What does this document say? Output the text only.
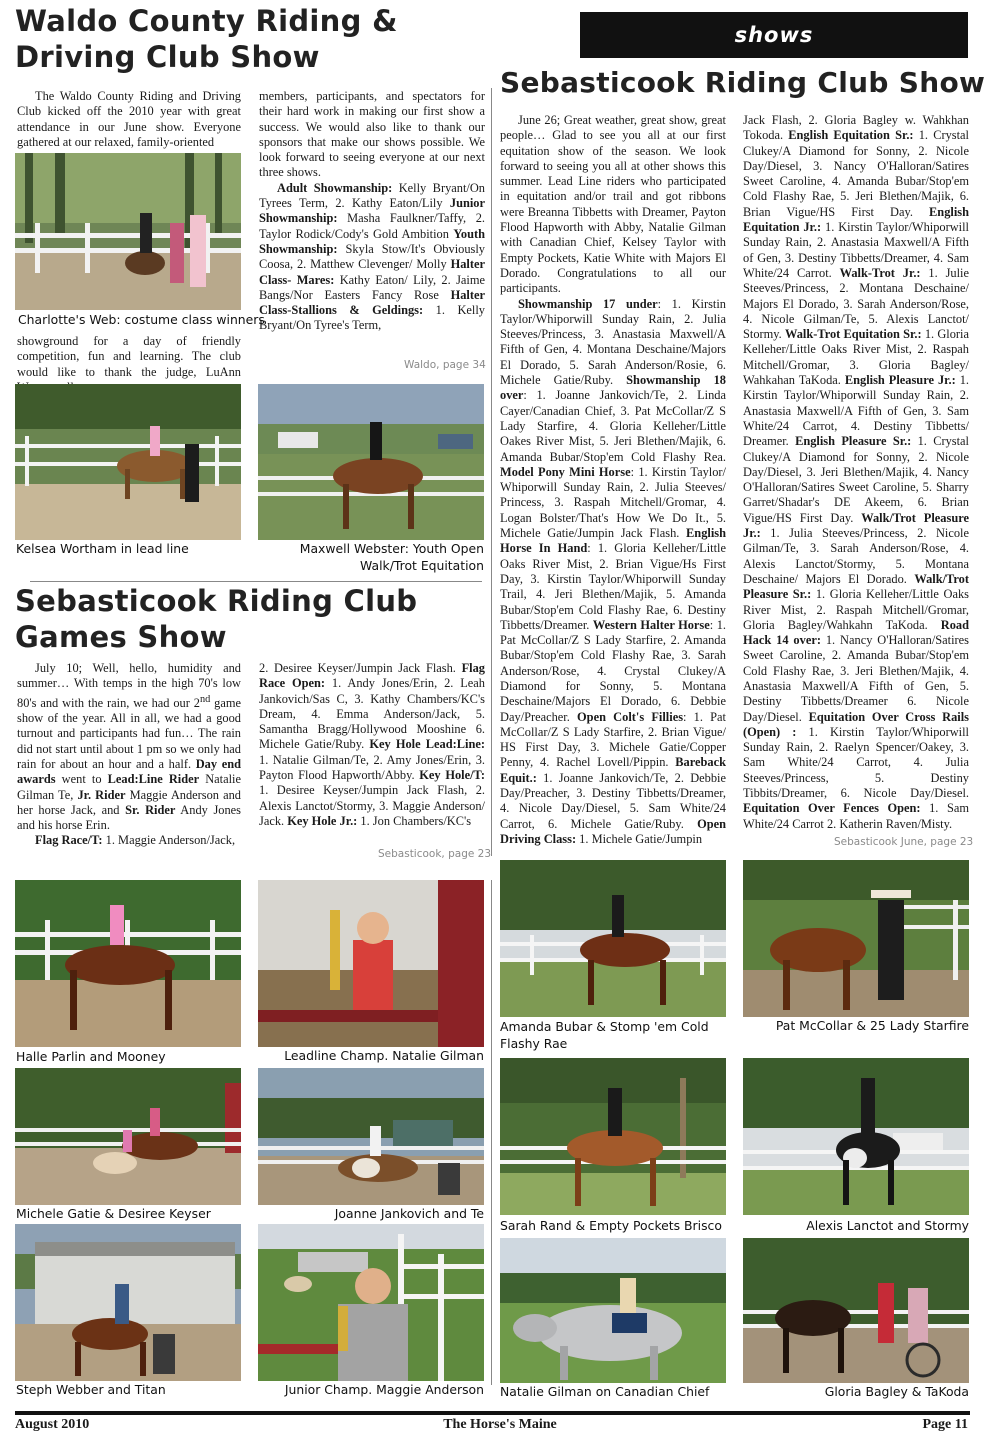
shows
Waldo County Riding &
Driving Club Show

The Waldo County Riding and Driving Club kicked off the 2010 year with great attendance in our June show. Everyone gathered at our relaxed, family-oriented

Charlotte's Web: costume class winners

showground for a day of friendly competition, fun and learning. The club would like to thank the judge, LuAnn

members, participants, and spectators for their hard work in making our first show a success. We would also like to thank our sponsors that make our shows possible. We look forward to seeing everyone at our next three shows.

Adult Showmanship: Kelly Bryant/On Tyrees Term, 2. Kathy Eaton/Lily Junior Showmanship: Masha Faulkner/Taffy, 2. Taylor Rodick/Cody's Gold Ambition Youth Showmanship: Skyla Stow/It's Obviously Coosa, 2. Matthew Clevenger/ Molly Halter Class- Mares: Kathy Eaton/ Lily, 2. Jaime Bangs/Nor Easters Fancy Rose Halter Class-Stallions & Geldings: 1. Kelly Bryant/On Tyree's Term,

Waldo, page 34
Kelsea Wortham in lead line	Maxwell Webster: Youth Open
Walk/Trot Equitation
Sebasticook Riding Club
Games Show

July 10; Well, hello, humidity and summer… With temps in the high 70's low 80's and with the rain, we had our 2nd game show of the year. All in all, we had a good turnout and participants had fun… The rain did not start until about 1 pm so we only had rain for about an hour and a half. Day end awards went to Lead:Line Rider Natalie Gilman Te, Jr. Rider Maggie Anderson and her horse Jack, and Sr. Rider Andy Jones and his horse Erin.

Flag Race/T: 1. Maggie Anderson/Jack,

2. Desiree Keyser/Jumpin Jack Flash. Flag Race Open: 1. Andy Jones/Erin, 2. Leah Jankovich/Sas C, 3. Kathy Chambers/KC's Dream, 4. Emma Anderson/Jack, 5. Samantha Bragg/Hollywood Mooshine 6. Michele Gatie/Ruby. Key Hole Lead:Line: 1. Natalie Gilman/Te, 2. Amy Jones/Erin, 3. Payton Flood Hapworth/Abby. Key Hole/T: 1. Desiree Keyser/Jumpin Jack Flash, 2. Alexis Lanctot/Stormy, 3. Maggie Anderson/ Jack. Key Hole Jr.: 1. Jon Chambers/KC's

Sebasticook, page 23
Sebasticook Riding Club Show

June 26; Great weather, great show, great people… Glad to see you all at our first equitation show of the season. We look forward to seeing you all at other shows this summer. Lead Line riders who participated in equitation and/or trail and got ribbons were Breanna Tibbetts with Dreamer, Payton Flood Hapworth with Abby, Natalie Gilman with Canadian Chief, Kelsey Taylor with Empty Pockets, Katie White with Majors El Dorado. Congratulations to all our participants.

Showmanship 17 under: 1. Kirstin Taylor/Whiporwill Sunday Rain, 2. Julia Steeves/Princess, 3. Anastasia Maxwell/A Fifth of Gen, 4. Montana Deschaine/Majors El Dorado, 5. Sarah Anderson/Rosie, 6. Michele Gatie/Ruby. Showmanship 18 over: 1. Joanne Jankovich/Te, 2. Linda Cayer/Canadian Chief, 3. Pat McCollar/Z S Lady Starfire, 4. Gloria Kelleher/Little Oakes River Mist, 5. Jeri Blethen/Majik, 6. Amanda Bubar/Stop'em Cold Flashy Rea. Model Pony Mini Horse: 1. Kirstin Taylor/ Whiporwill Sunday Rain, 2. Julia Steeves/ Princess, 3. Raspah Mitchell/Gromar, 4. Logan Bolster/That's How We Do It., 5. Michele Gatie/Jumpin Jack Flash. English Horse In Hand: 1. Gloria Kelleher/Little Oaks River Mist, 2. Brian Vigue/Hs First Day, 3. Kirstin Taylor/Whiporwill Sunday Trail, 4. Jeri Blethen/Majik, 5. Amanda Bubar/Stop'em Cold Flashy Rae, 6. Destiny Tibbetts/Dreamer. Western Halter Horse: 1. Pat McCollar/Z S Lady Starfire, 2. Amanda Bubar/Stop'em Cold Flashy Rae, 3. Sarah Anderson/Rose, 4. Crystal Clukey/A Diamond for Sonny, 5. Montana Deschaine/Majors El Dorado, 6. Debbie Day/Preacher. Open Colt's Fillies: 1. Pat McCollar/Z S Lady Starfire, 2. Brian Vigue/ HS First Day, 3. Michele Gatie/Copper Penny, 4. Rachel Lovell/Pippin. Bareback Equit.: 1. Joanne Jankovich/Te, 2. Debbie Day/Preacher, 3. Destiny Tibbetts/Dreamer, 4. Nicole Day/Diesel, 5. Sam White/24 Carrot, 6. Michele Gatie/Ruby. Open Driving Class: 1. Michele Gatie/Jumpin

Jack Flash, 2. Gloria Bagley w. Wahkhan Tokoda. English Equitation Sr.: 1. Crystal Clukey/A Diamond for Sonny, 2. Nicole Day/Diesel, 3. Nancy O'Halloran/Satires Sweet Caroline, 4. Amanda Bubar/Stop'em Cold Flashy Rae, 5. Jeri Blethen/Majik, 6. Brian Vigue/HS First Day. English Equitation Jr.: 1. Kirstin Taylor/Whiporwill Sunday Rain, 2. Anastasia Maxwell/A Fifth of Gen, 3. Destiny Tibbetts/Dreamer, 4. Sam White/24 Carrot. Walk-Trot Jr.: 1. Julie Steeves/Princess, 2. Montana Deschaine/ Majors El Dorado, 3. Sarah Anderson/Rose, 4. Nicole Gilman/Te, 5. Alexis Lanctot/ Stormy. Walk-Trot Equitation Sr.: 1. Gloria Kelleher/Little Oaks River Mist, 2. Raspah Mitchell/Gromar, 3. Gloria Bagley/ Wahkahan TaKoda. English Pleasure Jr.: 1. Kirstin Taylor/Whiporwill Sunday Rain, 2. Anastasia Maxwell/A Fifth of Gen, 3. Sam White/24 Carrot, 4. Destiny Tibbetts/ Dreamer. English Pleasure Sr.: 1. Crystal Clukey/A Diamond for Sonny, 2. Nicole Day/Diesel, 3. Jeri Blethen/Majik, 4. Nancy O'Halloran/Satires Sweet Caroline, 5. Sharry Garret/Shadar's DE Akeem, 6. Brian Vigue/HS First Day. Walk/Trot Pleasure Jr.: 1. Julia Steeves/Princess, 2. Nicole Gilman/Te, 3. Sarah Anderson/Rose, 4. Alexis Lanctot/Stormy, 5. Montana Deschaine/ Majors El Dorado. Walk/Trot Pleasure Sr.: 1. Gloria Kelleher/Little Oaks River Mist, 2. Raspah Mitchell/Gromar, Gloria Bagley/Wahkahn TaKoda. Road Hack 14 over: 1. Nancy O'Halloran/Satires Sweet Caroline, 2. Amanda Bubar/Stop'em Cold Flashy Rae, 3. Jeri Blethen/Majik, 4. Anastasia Maxwell/A Fifth of Gen, 5. Destiny Tibbetts/Dreamer 6. Nicole Day/Diesel. Equitation Over Cross Rails (Open) : 1. Kirstin Taylor/Whiporwill Sunday Rain, 2. Raelyn Spencer/Oakey, 3. Sam White/24 Carrot, 4. Julia Steeves/Princess, 5. Destiny Tibbits/Dreamer, 6. Nicole Day/Diesel. Equitation Over Fences Open: 1. Sam White/24 Carrot 2. Katherin Raven/Misty.

Sebasticook June, page 23
Halle Parlin and Mooney	Leadline Champ. Natalie Gilman
Michele Gatie & Desiree Keyser	Joanne Jankovich and Te
Steph Webber and Titan	Junior Champ. Maggie Anderson
Amanda Bubar & Stomp 'em Cold
Flashy Rae
Pat McCollar & 25 Lady Starfire
Sarah Rand & Empty Pockets Brisco	Alexis Lanctot and Stormy
Natalie Gilman on Canadian Chief	Gloria Bagley & TaKoda
August 2010	The Horse's Maine	Page 11
